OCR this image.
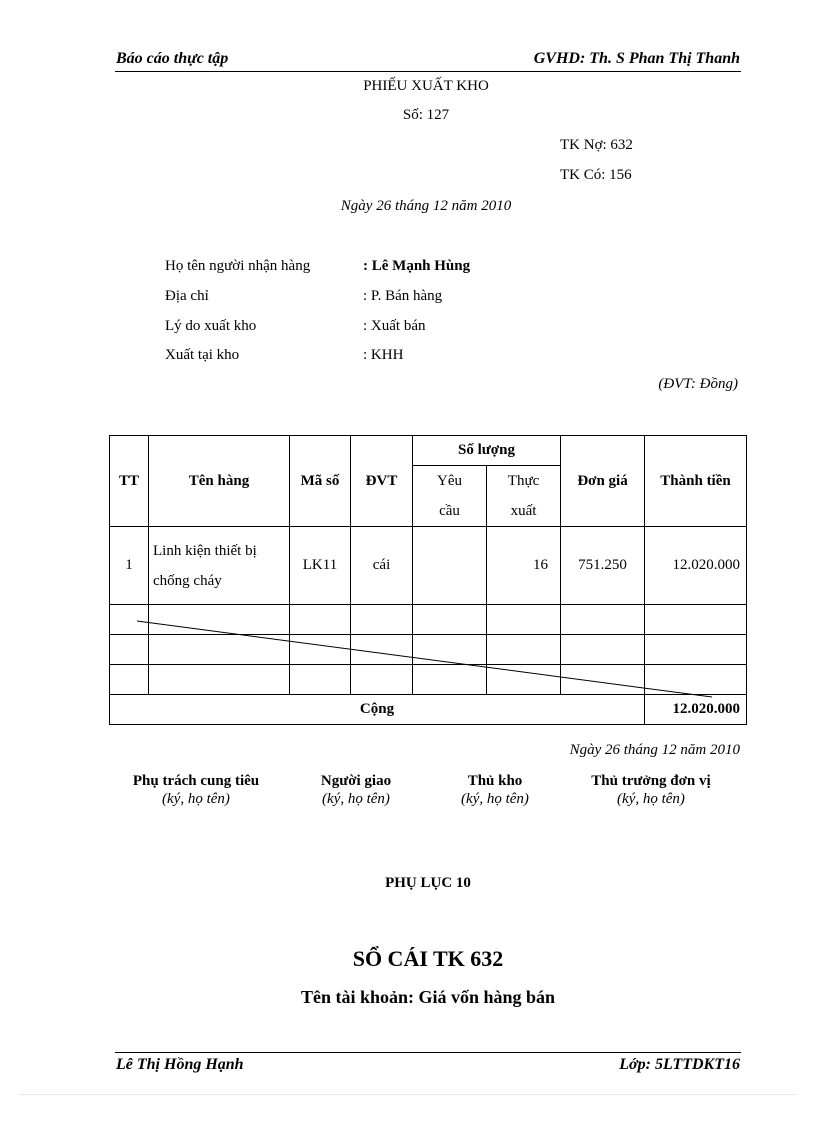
Báo cáo thực tập	GVHD: Th. S Phan Thị Thanh
PHIẾU XUẤT KHO
Số: 127
TK Nợ: 632
TK Có: 156
Ngày 26 tháng 12 năm 2010
Họ tên người nhận hàng	: Lê Mạnh Hùng
Địa chỉ	: P. Bán hàng
Lý do xuất kho	: Xuất bán
Xuất tại kho	: KHH
(ĐVT: Đồng)
TT	Tên hàng	Mã số	ĐVT	Số lượng		Đơn giá	Thành tiền
				Yêu cầu	Thực xuất		

1	Linh kiện thiết bị chống cháy	LK11	cái		16	751.250	12.020.000

Cộng							12.020.000
Ngày 26 tháng 12 năm 2010
Phụ trách cung tiêu
(ký, họ tên)
Người giao
(ký, họ tên)
Thủ kho
(ký, họ tên)
Thủ trưởng đơn vị
(ký, họ tên)
PHỤ LỤC 10
SỔ CÁI TK 632
Tên tài khoản: Giá vốn hàng bán
Lê Thị Hồng Hạnh	Lớp: 5LTTDKT16
